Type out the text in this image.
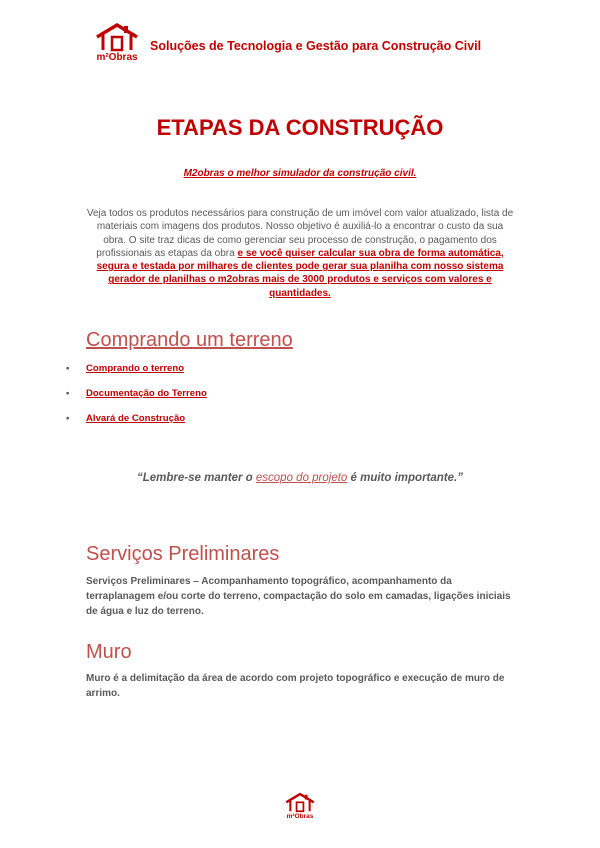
m²Obras
Soluções de Tecnologia e Gestão para Construção Civil
ETAPAS DA CONSTRUÇÃO
M2obras o melhor simulador da construção civil.

Veja todos os produtos necessários para construção de um imóvel com valor atualizado, lista de materiais com imagens dos produtos. Nosso objetivo é auxiliá-lo a encontrar o custo da sua obra. O site traz dicas de como gerenciar seu processo de construção, o pagamento dos profissionais as etapas da obra e se você quiser calcular sua obra de forma automática, segura e testada por milhares de clientes pode gerar sua planilha com nosso sistema gerador de planilhas o m2obras mais de 3000 produtos e serviços com valores e quantidades.

Comprando um terreno
• Comprando o terreno
• Documentação do Terreno
• Alvará de Construção
“Lembre-se manter o escopo do projeto é muito importante.”
Serviços Preliminares

Serviços Preliminares – Acompanhamento topográfico, acompanhamento da terraplanagem e/ou corte do terreno, compactação do solo em camadas, ligações iniciais de água e luz do terreno.

Muro

Muro é a delimitação da área de acordo com projeto topográfico e execução de muro de arrimo.

m²Obras
